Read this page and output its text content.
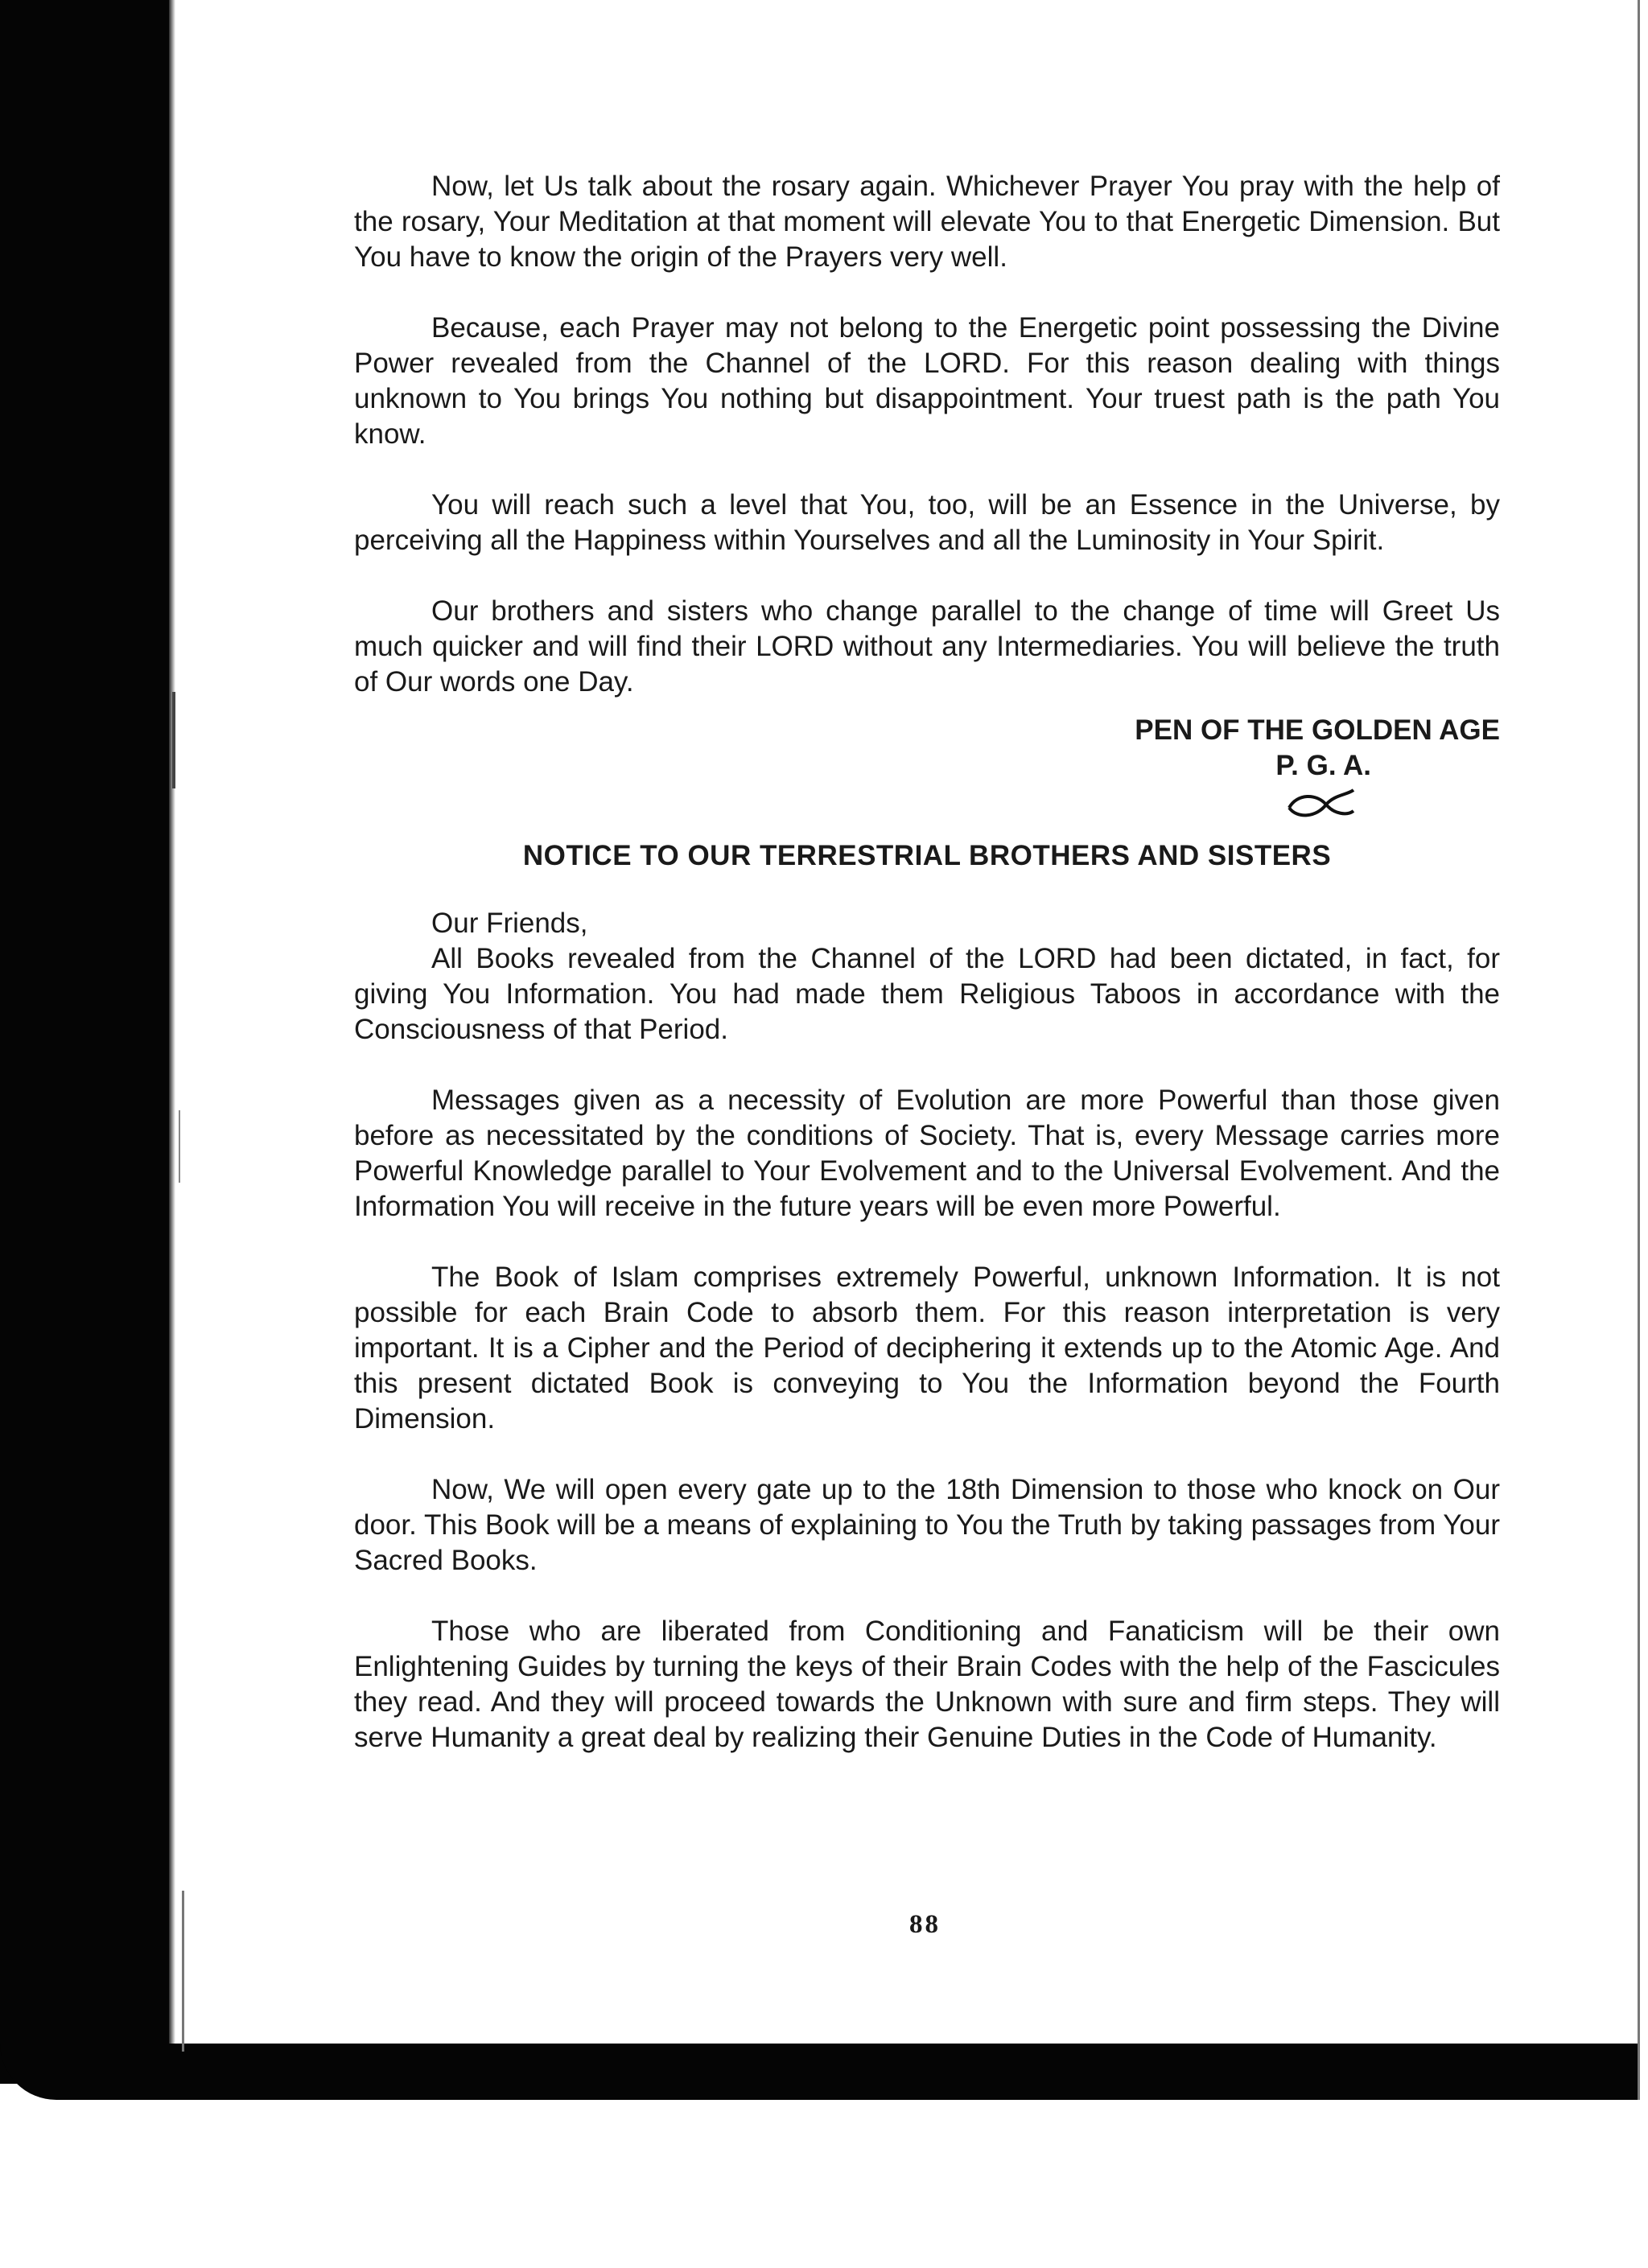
Now, let Us talk about the rosary again. Whichever Prayer You pray with the help of the rosary, Your Meditation at that moment will elevate You to that Energetic Dimension. But You have to know the origin of the Prayers very well.

Because, each Prayer may not belong to the Energetic point possessing the Divine Power revealed from the Channel of the LORD. For this reason dealing with things unknown to You brings You nothing but disappointment. Your truest path is the path You know.

You will reach such a level that You, too, will be an Essence in the Universe, by perceiving all the Happiness within Yourselves and all the Luminosity in Your Spirit.

Our brothers and sisters who change parallel to the change of time will Greet Us much quicker and will find their LORD without any Intermediaries. You will believe the truth of Our words one Day.

PEN OF THE GOLDEN AGE
P. G. A.
NOTICE TO OUR TERRESTRIAL BROTHERS AND SISTERS

Our Friends,

All Books revealed from the Channel of the LORD had been dictated, in fact, for giving You Information. You had made them Religious Taboos in accordance with the Consciousness of that Period.

Messages given as a necessity of Evolution are more Powerful than those given before as necessitated by the conditions of Society. That is, every Message carries more Powerful Knowledge parallel to Your Evolvement and to the Universal Evolvement. And the Information You will receive in the future years will be even more Powerful.

The Book of Islam comprises extremely Powerful, unknown Information. It is not possible for each Brain Code to absorb them. For this reason interpretation is very important. It is a Cipher and the Period of deciphering it extends up to the Atomic Age. And this present dictated Book is conveying to You the Information beyond the Fourth Dimension.

Now, We will open every gate up to the 18th Dimension to those who knock on Our door. This Book will be a means of explaining to You the Truth by taking passages from Your Sacred Books.

Those who are liberated from Conditioning and Fanaticism will be their own Enlightening Guides by turning the keys of their Brain Codes with the help of the Fascicules they read. And they will proceed towards the Unknown with sure and firm steps. They will serve Humanity a great deal by realizing their Genuine Duties in the Code of Humanity.

88
